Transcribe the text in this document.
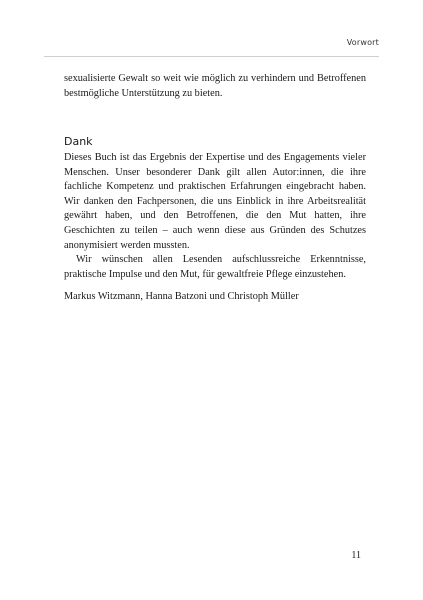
Vorwort

sexualisierte Gewalt so weit wie möglich zu verhindern und Betroffenen bestmögliche Unterstützung zu bieten.

Dank

Dieses Buch ist das Ergebnis der Expertise und des Engagements vieler Menschen. Unser besonderer Dank gilt allen Autor:innen, die ihre fachliche Kompetenz und praktischen Erfahrungen eingebracht haben. Wir danken den Fachpersonen, die uns Einblick in ihre Arbeitsrealität gewährt haben, und den Betroffenen, die den Mut hatten, ihre Geschichten zu teilen – auch wenn diese aus Gründen des Schutzes anonymisiert werden mussten.

Wir wünschen allen Lesenden aufschlussreiche Erkenntnisse, praktische Impulse und den Mut, für gewaltfreie Pflege einzustehen.

Markus Witzmann, Hanna Batzoni und Christoph Müller
11
